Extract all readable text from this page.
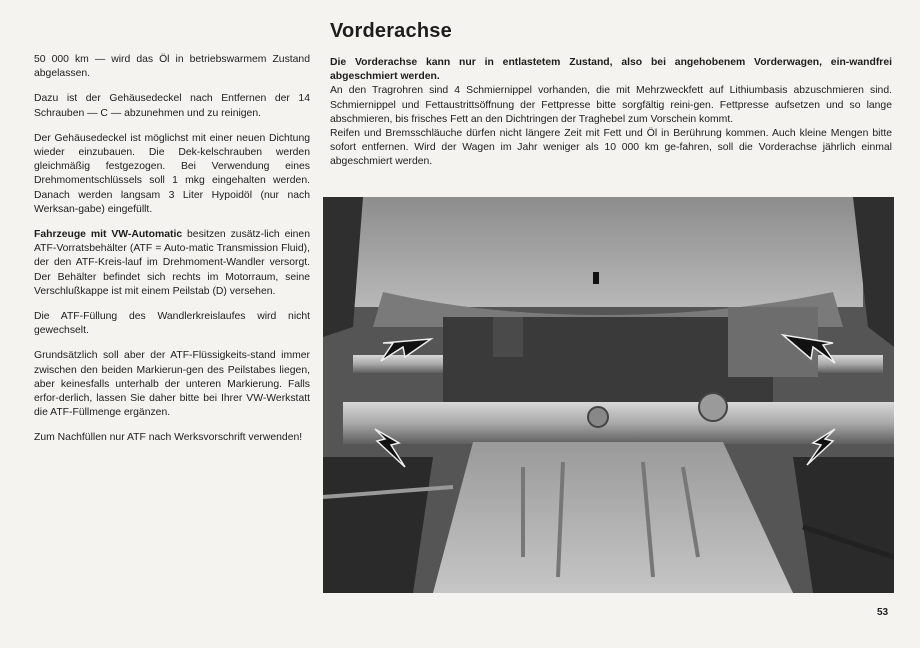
50 000 km — wird das Öl in betriebswarmem Zustand abgelassen.

Dazu ist der Gehäusedeckel nach Entfernen der 14 Schrauben — C — abzunehmen und zu reinigen.

Der Gehäusedeckel ist möglichst mit einer neuen Dichtung wieder einzubauen. Die Dek-kelschrauben werden gleichmäßig festgezogen. Bei Verwendung eines Drehmomentschlüssels soll 1 mkg eingehalten werden. Danach werden langsam 3 Liter Hypoidöl (nur nach Werksan-gabe) eingefüllt.

Fahrzeuge mit VW-Automatic besitzen zusätz-lich einen ATF-Vorratsbehälter (ATF = Auto-matic Transmission Fluid), der den ATF-Kreis-lauf im Drehmoment-Wandler versorgt. Der Behälter befindet sich rechts im Motorraum, seine Verschlußkappe ist mit einem Peilstab (D) versehen.

Die ATF-Füllung des Wandlerkreislaufes wird nicht gewechselt.

Grundsätzlich soll aber der ATF-Flüssigkeits-stand immer zwischen den beiden Markierun-gen des Peilstabes liegen, aber keinesfalls unterhalb der unteren Markierung. Falls erfor-derlich, lassen Sie daher bitte bei Ihrer VW-Werkstatt die ATF-Füllmenge ergänzen.

Zum Nachfüllen nur ATF nach Werksvorschrift verwenden!

Vorderachse

Die Vorderachse kann nur in entlastetem Zustand, also bei angehobenem Vorderwagen, ein-wandfrei abgeschmiert werden.

An den Tragrohren sind 4 Schmiernippel vorhanden, die mit Mehrzweckfett auf Lithiumbasis abzuschmieren sind. Schmiernippel und Fettaustrittsöffnung der Fettpresse bitte sorgfältig reini-gen. Fettpresse aufsetzen und so lange abschmieren, bis frisches Fett an den Dichtringen der Traghebel zum Vorschein kommt.

Reifen und Bremsschläuche dürfen nicht längere Zeit mit Fett und Öl in Berührung kommen. Auch kleine Mengen bitte sofort entfernen. Wird der Wagen im Jahr weniger als 10 000 km ge-fahren, soll die Vorderachse jährlich einmal abgeschmiert werden.

53
